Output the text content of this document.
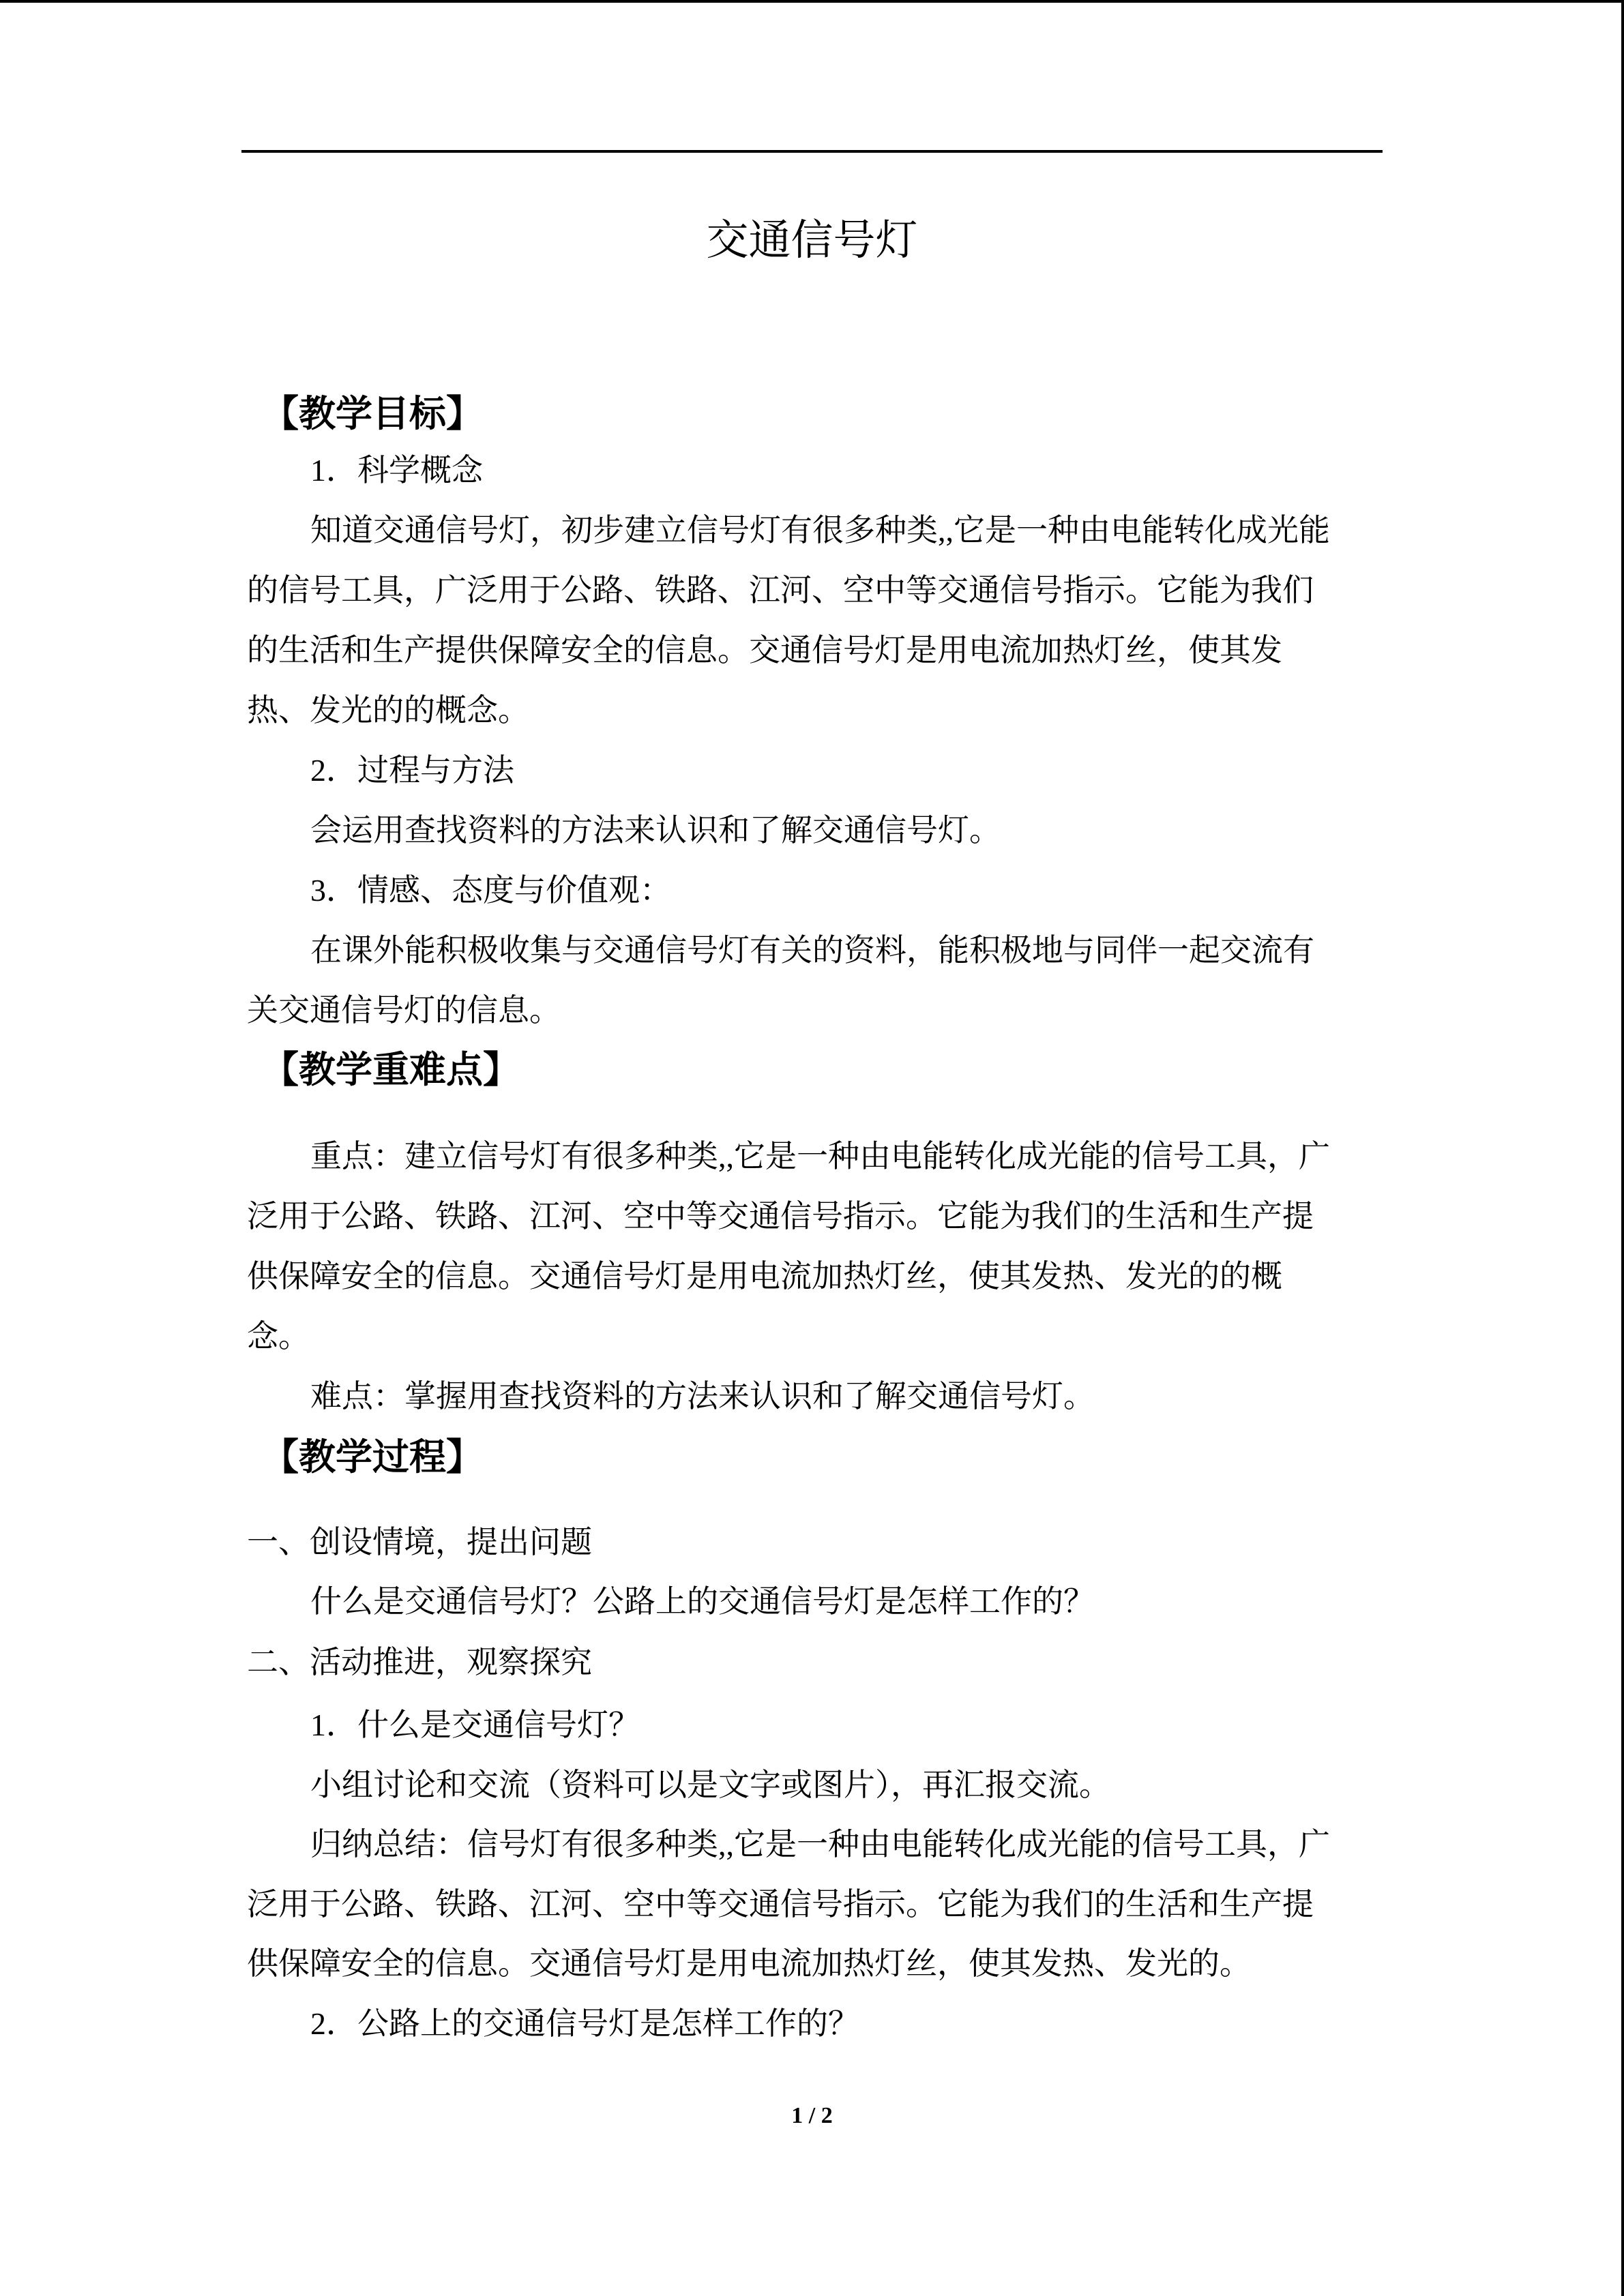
交通信号灯
【教学目标】
1．科学概念
知道交通信号灯，初步建立信号灯有很多种类,,它是一种由电能转化成光能
的信号工具，广泛用于公路、铁路、江河、空中等交通信号指示。它能为我们
的生活和生产提供保障安全的信息。交通信号灯是用电流加热灯丝，使其发
热、发光的的概念。
2．过程与方法
会运用查找资料的方法来认识和了解交通信号灯。
3．情感、态度与价值观：
在课外能积极收集与交通信号灯有关的资料，能积极地与同伴一起交流有
关交通信号灯的信息。
【教学重难点】
重点：建立信号灯有很多种类,,它是一种由电能转化成光能的信号工具，广
泛用于公路、铁路、江河、空中等交通信号指示。它能为我们的生活和生产提
供保障安全的信息。交通信号灯是用电流加热灯丝，使其发热、发光的的概
念。
难点：掌握用查找资料的方法来认识和了解交通信号灯。
【教学过程】
一、创设情境，提出问题
什么是交通信号灯？公路上的交通信号灯是怎样工作的？
二、活动推进，观察探究
1．什么是交通信号灯？
小组讨论和交流（资料可以是文字或图片），再汇报交流。
归纳总结：信号灯有很多种类,,它是一种由电能转化成光能的信号工具，广
泛用于公路、铁路、江河、空中等交通信号指示。它能为我们的生活和生产提
供保障安全的信息。交通信号灯是用电流加热灯丝，使其发热、发光的。
2．公路上的交通信号灯是怎样工作的？
1 / 2
